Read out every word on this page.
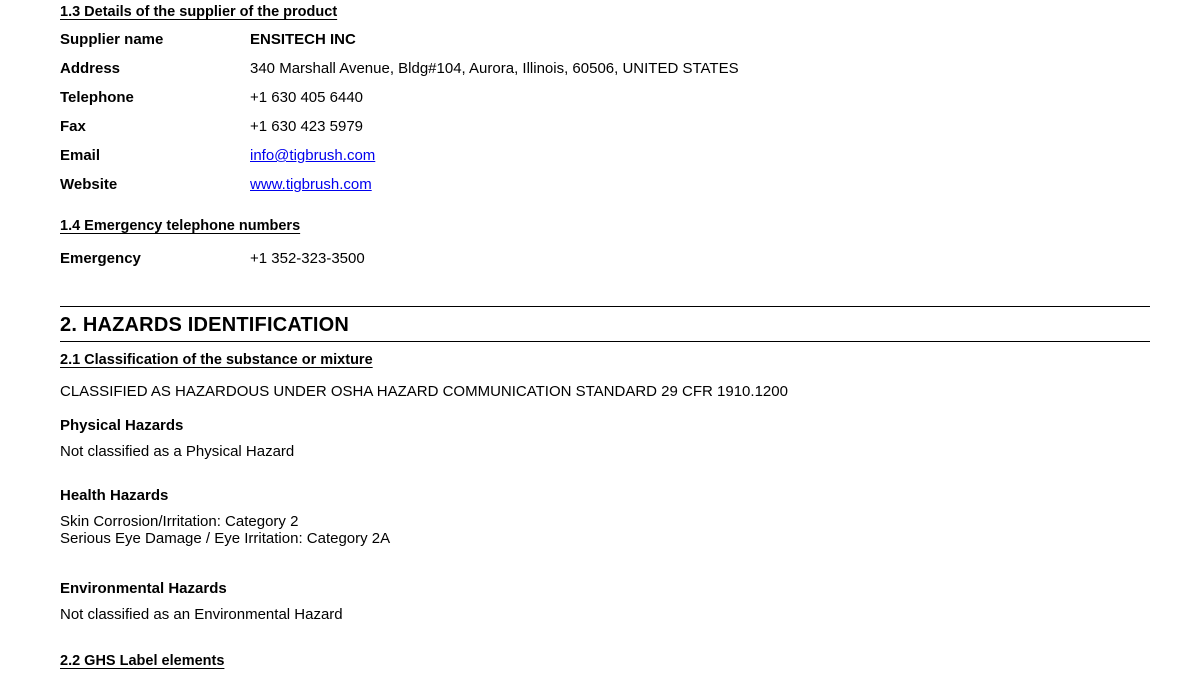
1.3 Details of the supplier of the product
Supplier name	ENSITECH INC
Address	340 Marshall Avenue, Bldg#104, Aurora, Illinois, 60506, UNITED STATES
Telephone	+1 630 405 6440
Fax	+1 630 423 5979
Email	info@tigbrush.com
Website	www.tigbrush.com
1.4 Emergency telephone numbers
Emergency	+1 352-323-3500
2. HAZARDS IDENTIFICATION
2.1 Classification of the substance or mixture
CLASSIFIED AS HAZARDOUS UNDER OSHA HAZARD COMMUNICATION STANDARD 29 CFR 1910.1200
Physical Hazards
Not classified as a Physical Hazard
Health Hazards
Skin Corrosion/Irritation: Category 2
Serious Eye Damage / Eye Irritation: Category 2A
Environmental Hazards
Not classified as an Environmental Hazard
2.2 GHS Label elements
